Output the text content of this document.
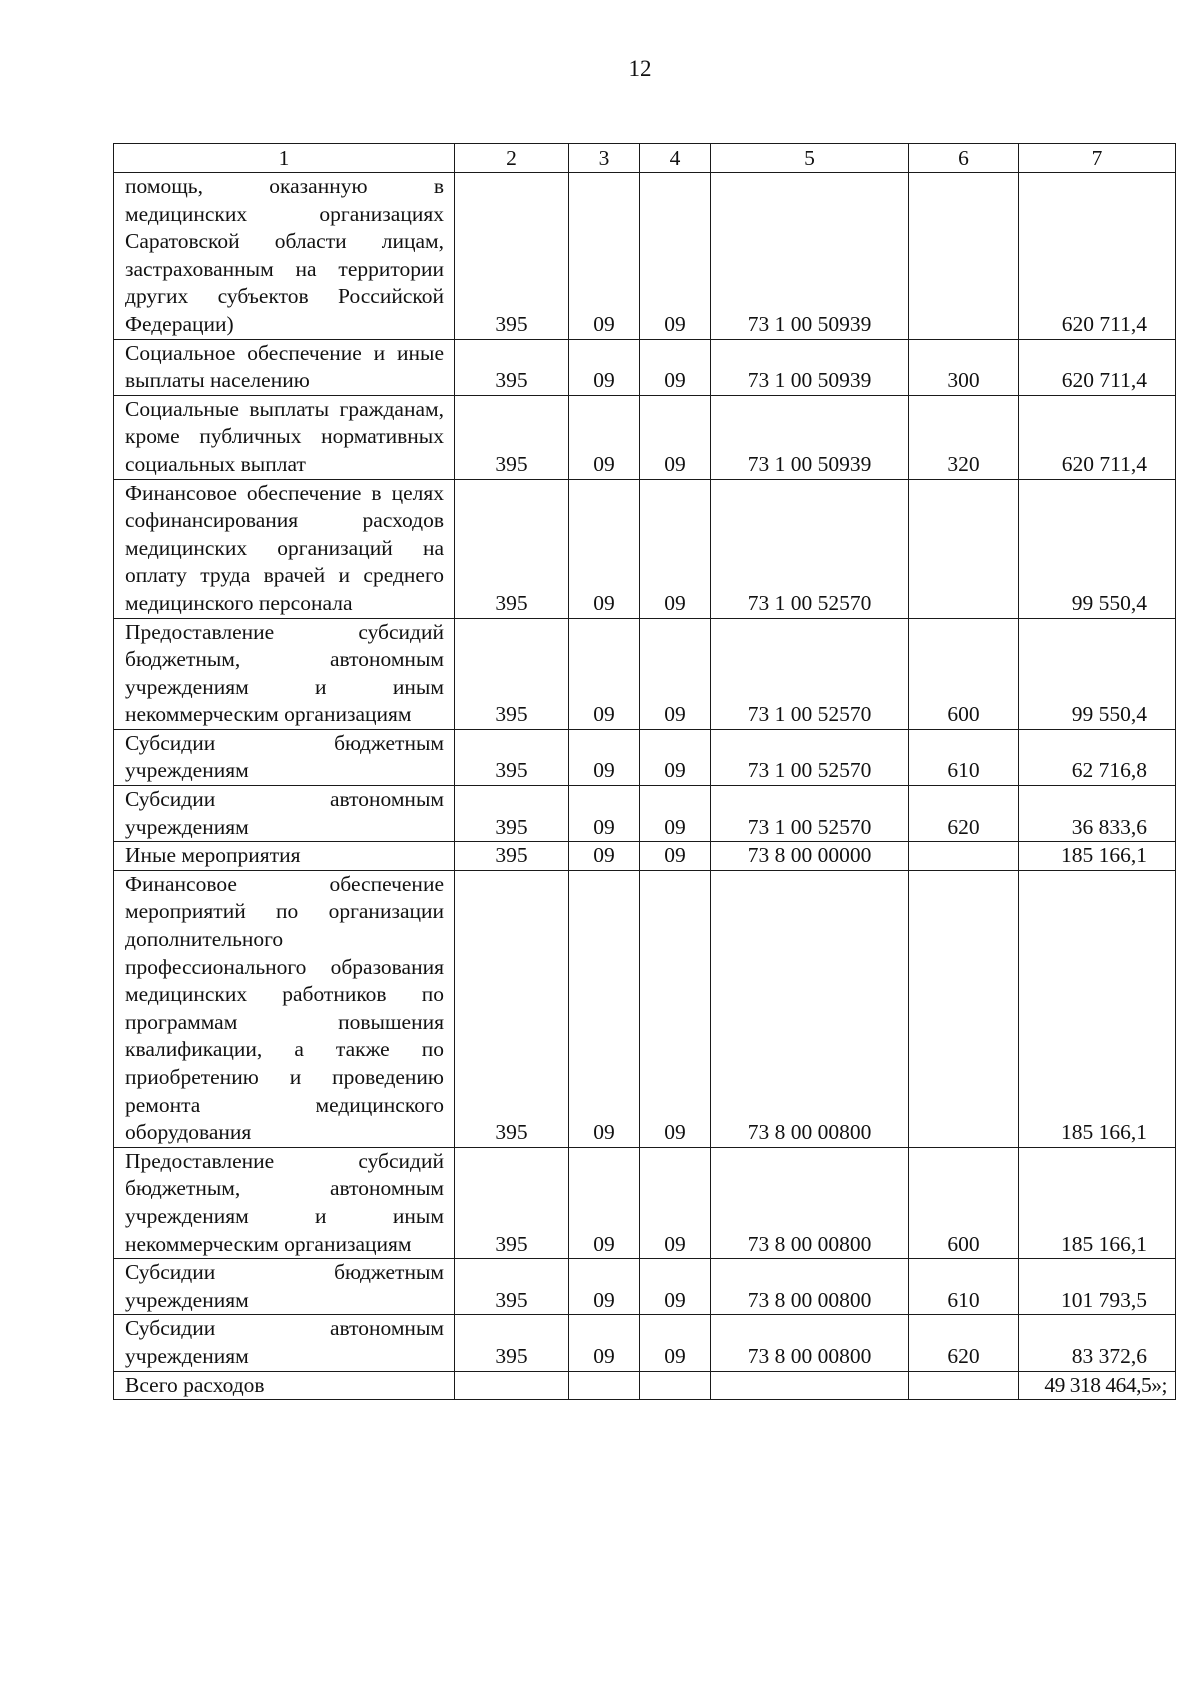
12
1	2	3	4	5	6	7
помощь, оказанную в медицинских организациях Саратовской области лицам, застрахованным на территории других субъектов Российской Федерации)	395	09	09	73 1 00 50939		620 711,4
Социальное обеспечение и иные выплаты населению	395	09	09	73 1 00 50939	300	620 711,4
Социальные выплаты гражданам, кроме публичных нормативных социальных выплат	395	09	09	73 1 00 50939	320	620 711,4
Финансовое обеспечение в целях софинансирования расходов медицинских организаций на оплату труда врачей и среднего медицинского персонала	395	09	09	73 1 00 52570		99 550,4
Предоставление субсидий бюджетным, автономным учреждениям и иным некоммерческим организациям	395	09	09	73 1 00 52570	600	99 550,4
Субсидии бюджетным учреждениям	395	09	09	73 1 00 52570	610	62 716,8
Субсидии автономным учреждениям	395	09	09	73 1 00 52570	620	36 833,6
Иные мероприятия	395	09	09	73 8 00 00000		185 166,1
Финансовое обеспечение мероприятий по организации дополнительного профессионального образования медицинских работников по программам повышения квалификации, а также по приобретению и проведению ремонта медицинского оборудования	395	09	09	73 8 00 00800		185 166,1
Предоставление субсидий бюджетным, автономным учреждениям и иным некоммерческим организациям	395	09	09	73 8 00 00800	600	185 166,1
Субсидии бюджетным учреждениям	395	09	09	73 8 00 00800	610	101 793,5
Субсидии автономным учреждениям	395	09	09	73 8 00 00800	620	83 372,6
Всего расходов						49 318 464,5»;
